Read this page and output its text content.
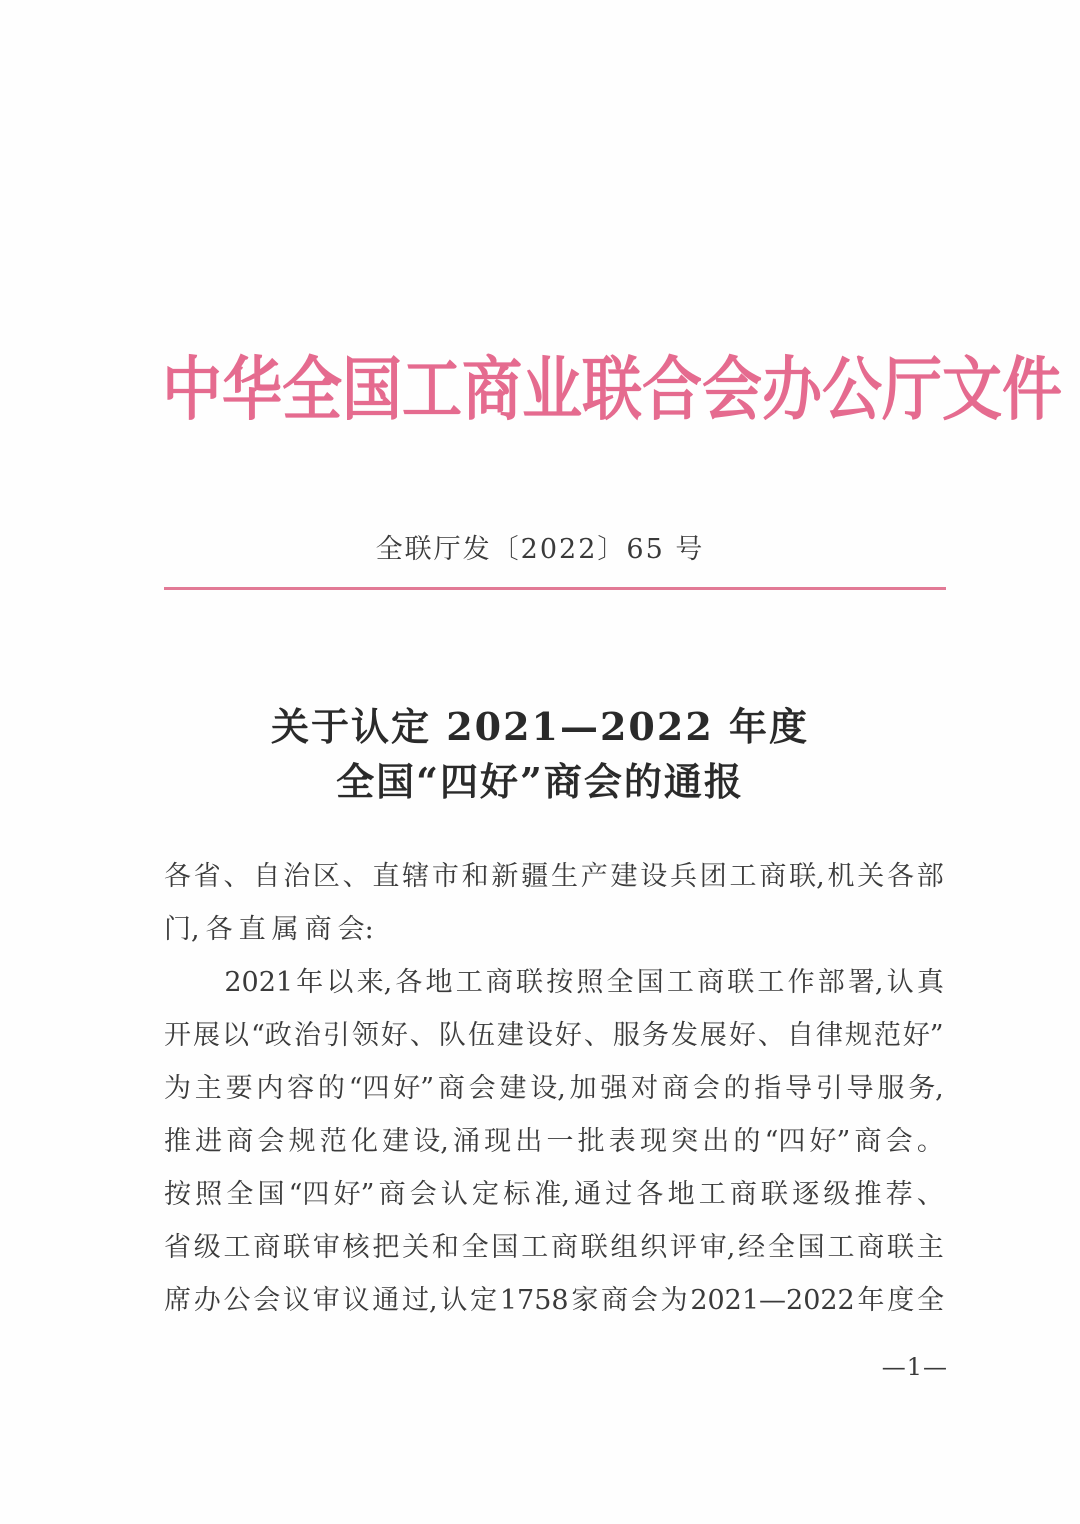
中 华 全 国 工 商 业 联 合 会 办 公 厅 文 件
全联厅发〔2022〕65 号
关于认定 2021—2022 年度
全国“四好”商会的通报
各 省 、 自 治 区 、 直 辖 市 和 新 疆 生 产 建 设 兵 团 工 商 联, 机 关 各 部
门, 各 直 属 商 会:

2021 年 以 来, 各 地 工 商 联 按 照 全 国 工 商 联 工 作 部 署, 认 真
开 展 以 “政 治 引 领 好 、 队 伍 建 设 好 、 服 务 发 展 好 、 自 律 规 范 好”
为 主 要 内 容 的 “四 好” 商 会 建 设, 加 强 对 商 会 的 指 导 引 导 服 务,
推 进 商 会 规 范 化 建 设, 涌 现 出 一 批 表 现 突 出 的 “四 好” 商 会 。
按 照 全 国 “四 好” 商 会 认 定 标 准, 通 过 各 地 工 商 联 逐 级 推 荐 、
省 级 工 商 联 审 核 把 关 和 全 国 工 商 联 组 织 评 审, 经 全 国 工 商 联 主
席 办 公 会 议 审 议 通 过, 认 定 1758 家 商 会 为 2021—2022 年 度 全
—1—
